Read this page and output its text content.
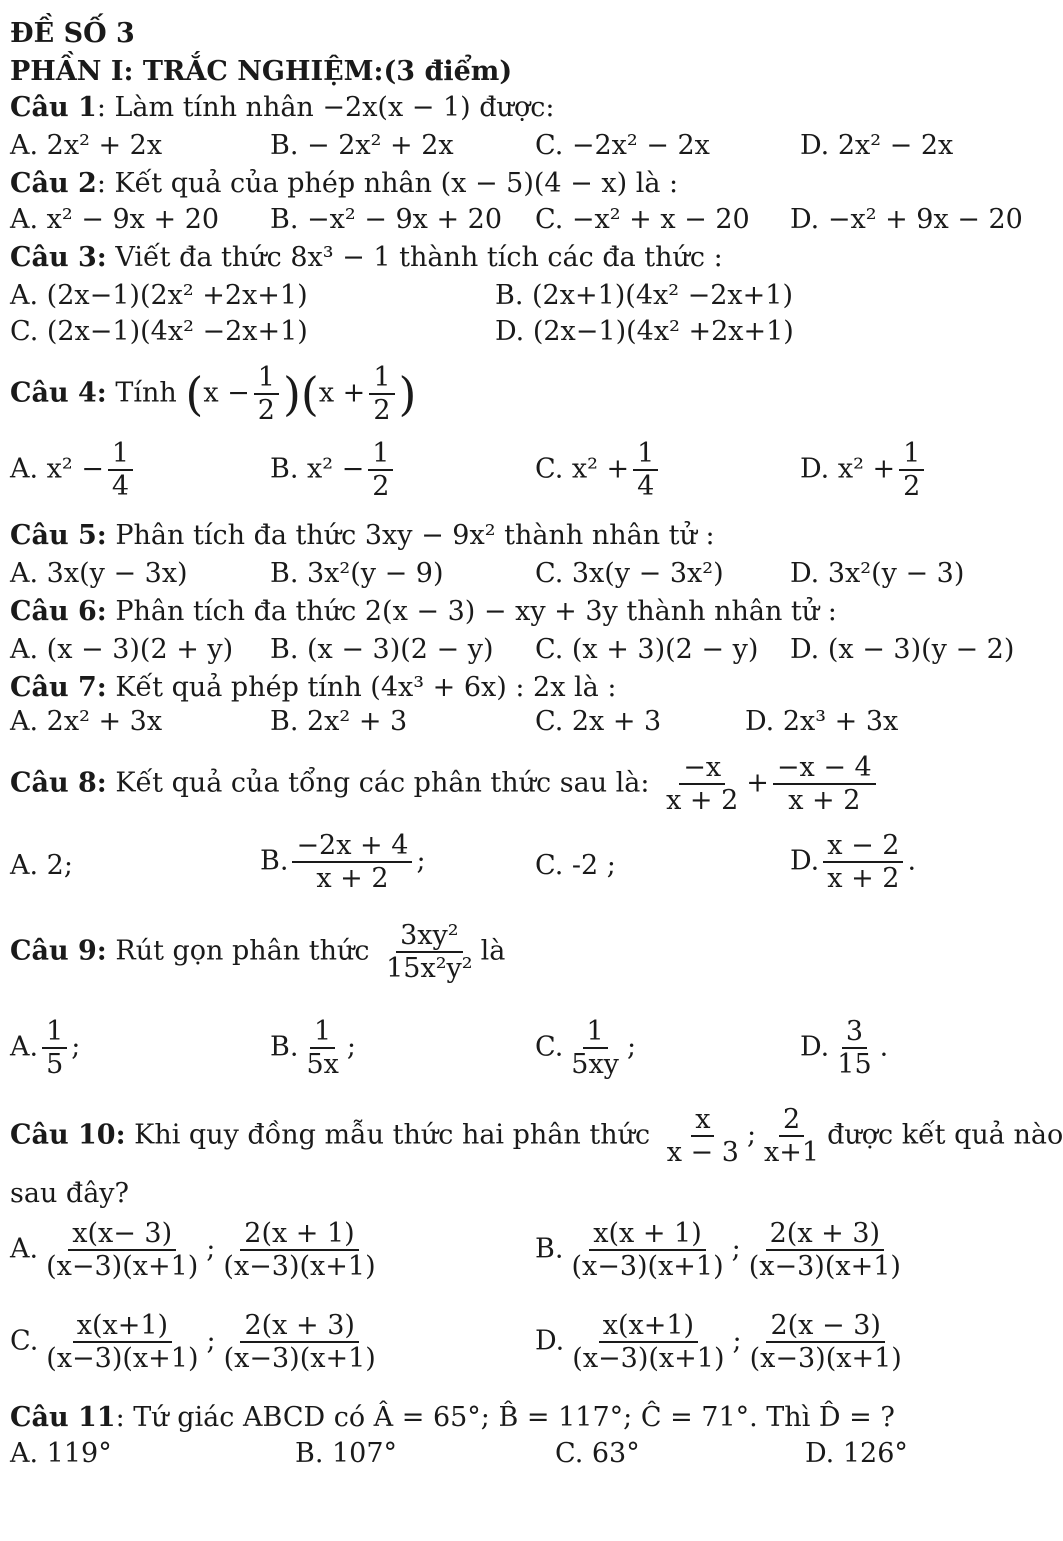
ĐỀ SỐ 3
PHẦN I: TRẮC NGHIỆM:(3 điểm)
Câu 1: Làm tính nhân −2x(x − 1) được:
A. 2x² + 2x	B. − 2x² + 2x	C. −2x² − 2x	D. 2x² − 2x
Câu 2: Kết quả của phép nhân (x − 5)(4 − x) là :
A. x² − 9x + 20 B. −x² − 9x + 20 C. −x² + x − 20 D. −x² + 9x − 20
Câu 3: Viết đa thức 8x³ − 1 thành tích các đa thức :
A. (2x−1)(2x² +2x+1)	B. (2x+1)(4x² −2x+1)
C. (2x−1)(4x² −2x+1)	D. (2x−1)(4x² +2x+1)
Câu 4: Tính $(x - \frac{1}{2} )(x + \frac{1}{2}$ )
A. $x^2 - \frac{1}{4}$	B. $x^2 - \frac{1}{2}$	C. $x^2 + \frac{1}{4}$	D. $x^2 + \frac{1}{2}$
Câu 5: Phân tích đa thức 3xy − 9x² thành nhân tử :
A. 3x(y − 3x)	B. 3x²(y − 9)	C. 3x(y − 3x²) D. 3x²(y − 3)
Câu 6: Phân tích đa thức 2(x − 3) − xy + 3y thành nhân tử :
A. (x − 3)(2 + y) B. (x − 3)(2 − y) C. (x + 3)(2 − y) D. (x − 3)(y − 2)
Câu 7: Kết quả phép tính (4x³ + 6x) : 2x là :
A. 2x² + 3x	B. 2x² + 3	C. 2x + 3	D. 2x³ + 3x
Câu 8: Kết quả của tổng các phân thức sau là: $\frac{-x}{x + 2} + \frac{-x - 4}{x + 2}$
A. 2;	B. $\frac{-2x + 4}{x + 2}$ ;	C. -2 ;	D. $\frac{x - 2}{x + 2}$ .
Câu 9: Rút gọn phân thức $\frac{\text{3xy²}}{\text{15x²y²}}$ là
A. $\frac{1}{5}$ ;	B. $\frac{1}{5x}$ ;	C. $\frac{1}{5xy}$ ;	D. $\frac{3}{15}$ .
Câu 10: Khi quy đồng mẫu thức hai phân thức $\frac{x}{x - 3}$ ; $\frac{2}{x+1}$ được kết quả nào
sau đây?
A. $\frac{x(x- 3)}{(x-3)(x+1)}$ ; $\frac{2(x + 1)}{(x-3)(x+1)}$	B. $\frac{x(x + 1)}{(x-3)(x+1)}$ ; $\frac{2(x + 3)}{(x-3)(x+1)}$
C. $\frac{x(x+1)}{(x-3)(x+1)}$ ; $\frac{2(x + 3)}{(x-3)(x+1)}$	D. $\frac{x(x+1)}{(x-3)(x+1)}$ ; $\frac{2(x - 3)}{(x-3)(x+1)}$
Câu 11: Tứ giác ABCD có Â = 65°; B̂ = 117°; Ĉ = 71°. Thì D̂ = ?
A. 119°	B. 107°	C. 63°	D. 126°
